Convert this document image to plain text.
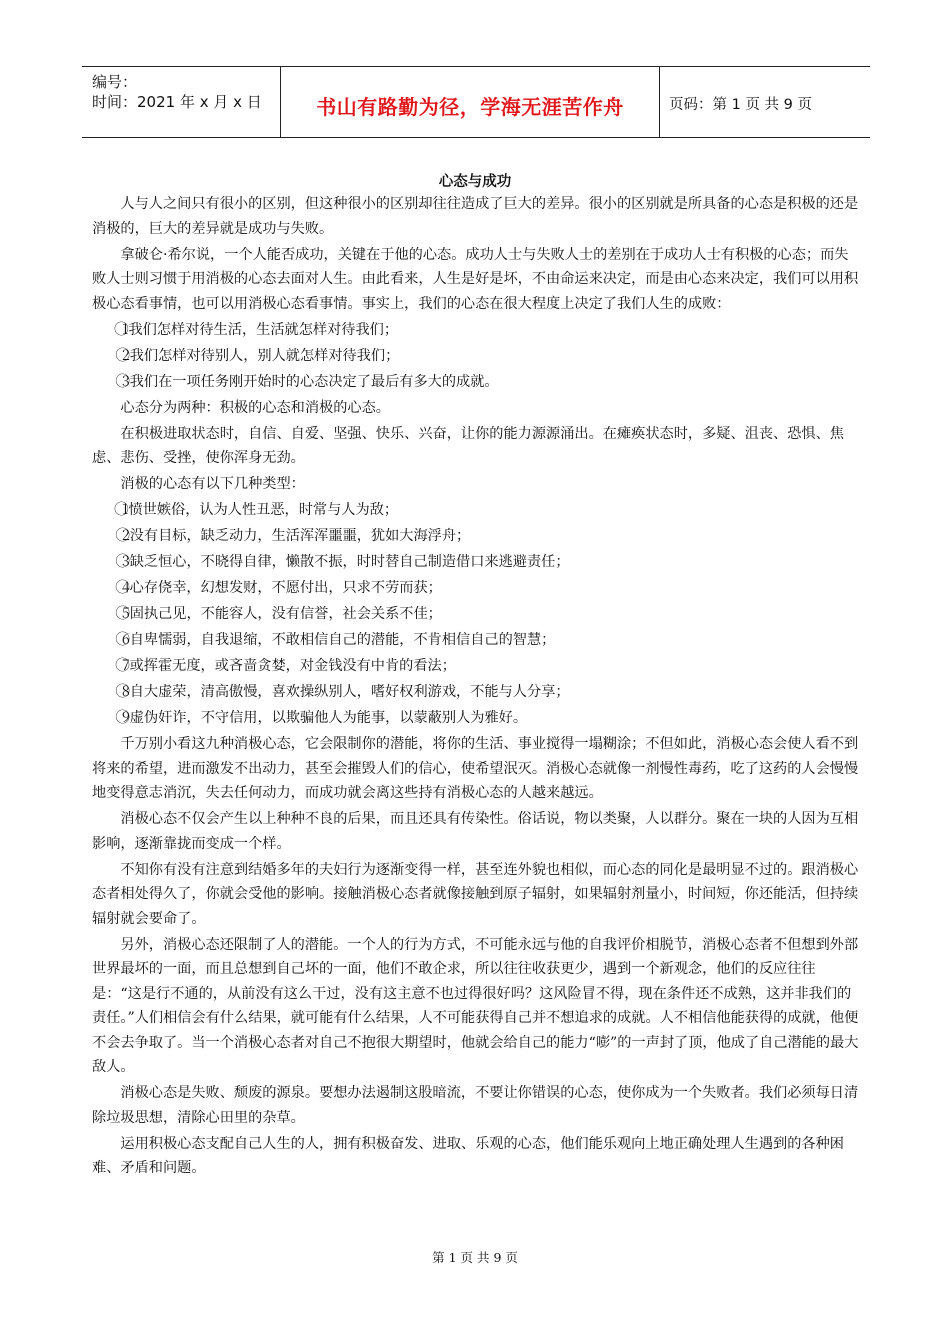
编号：
时间：2021 年 x 月 x 日	书山有路勤为径，学海无涯苦作舟	页码：第 1 页 共 9 页
心态与成功

人与人之间只有很小的区别，但这种很小的区别却往往造成了巨大的差异。很小的区别就是所具备的心态是积极的还是消极的，巨大的差异就是成功与失败。

拿破仑·希尔说，一个人能否成功，关键在于他的心态。成功人士与失败人士的差别在于成功人士有积极的心态；而失败人士则习惯于用消极的心态去面对人生。由此看来，人生是好是坏，不由命运来决定，而是由心态来决定，我们可以用积极心态看事情，也可以用消极心态看事情。事实上，我们的心态在很大程度上决定了我们人生的成败：

1⃝我们怎样对待生活，生活就怎样对待我们；

2⃝我们怎样对待别人，别人就怎样对待我们；

3⃝我们在一项任务刚开始时的心态决定了最后有多大的成就。

心态分为两种：积极的心态和消极的心态。

在积极进取状态时，自信、自爱、坚强、快乐、兴奋，让你的能力源源涌出。在瘫痪状态时，多疑、沮丧、恐惧、焦虑、悲伤、受挫，使你浑身无劲。

消极的心态有以下几种类型：

1⃝愤世嫉俗，认为人性丑恶，时常与人为敌；

2⃝没有目标，缺乏动力，生活浑浑噩噩，犹如大海浮舟；

3⃝缺乏恒心，不晓得自律，懒散不振，时时替自己制造借口来逃避责任；

4⃝心存侥幸，幻想发财，不愿付出，只求不劳而获；

5⃝固执己见，不能容人，没有信誉，社会关系不佳；

6⃝自卑懦弱，自我退缩，不敢相信自己的潜能，不肯相信自己的智慧；

7⃝或挥霍无度，或吝啬贪婪，对金钱没有中肯的看法；

8⃝自大虚荣，清高傲慢，喜欢操纵别人，嗜好权利游戏，不能与人分享；

9⃝虚伪奸诈，不守信用，以欺骗他人为能事，以蒙蔽别人为雅好。

千万别小看这九种消极心态，它会限制你的潜能，将你的生活、事业搅得一塌糊涂；不但如此，消极心态会使人看不到将来的希望，进而激发不出动力，甚至会摧毁人们的信心，使希望泯灭。消极心态就像一剂慢性毒药，吃了这药的人会慢慢地变得意志消沉，失去任何动力，而成功就会离这些持有消极心态的人越来越远。

消极心态不仅会产生以上种种不良的后果，而且还具有传染性。俗话说，物以类聚，人以群分。聚在一块的人因为互相影响，逐渐靠拢而变成一个样。

不知你有没有注意到结婚多年的夫妇行为逐渐变得一样，甚至连外貌也相似，而心态的同化是最明显不过的。跟消极心态者相处得久了，你就会受他的影响。接触消极心态者就像接触到原子辐射，如果辐射剂量小，时间短，你还能活，但持续辐射就会要命了。

另外，消极心态还限制了人的潜能。一个人的行为方式，不可能永远与他的自我评价相脱节，消极心态者不但想到外部世界最坏的一面，而且总想到自己坏的一面，他们不敢企求，所以往往收获更少，遇到一个新观念，他们的反应往往是：“这是行不通的，从前没有这么干过，没有这主意不也过得很好吗？这风险冒不得，现在条件还不成熟，这并非我们的责任。”人们相信会有什么结果，就可能有什么结果，人不可能获得自己并不想追求的成就。人不相信他能获得的成就，他便不会去争取了。当一个消极心态者对自己不抱很大期望时，他就会给自己的能力“嘭”的一声封了顶，他成了自己潜能的最大敌人。

消极心态是失败、颓废的源泉。要想办法遏制这股暗流，不要让你错误的心态，使你成为一个失败者。我们必须每日清除垃圾思想，清除心田里的杂草。

运用积极心态支配自己人生的人，拥有积极奋发、进取、乐观的心态，他们能乐观向上地正确处理人生遇到的各种困难、矛盾和问题。

第 1 页 共 9 页
